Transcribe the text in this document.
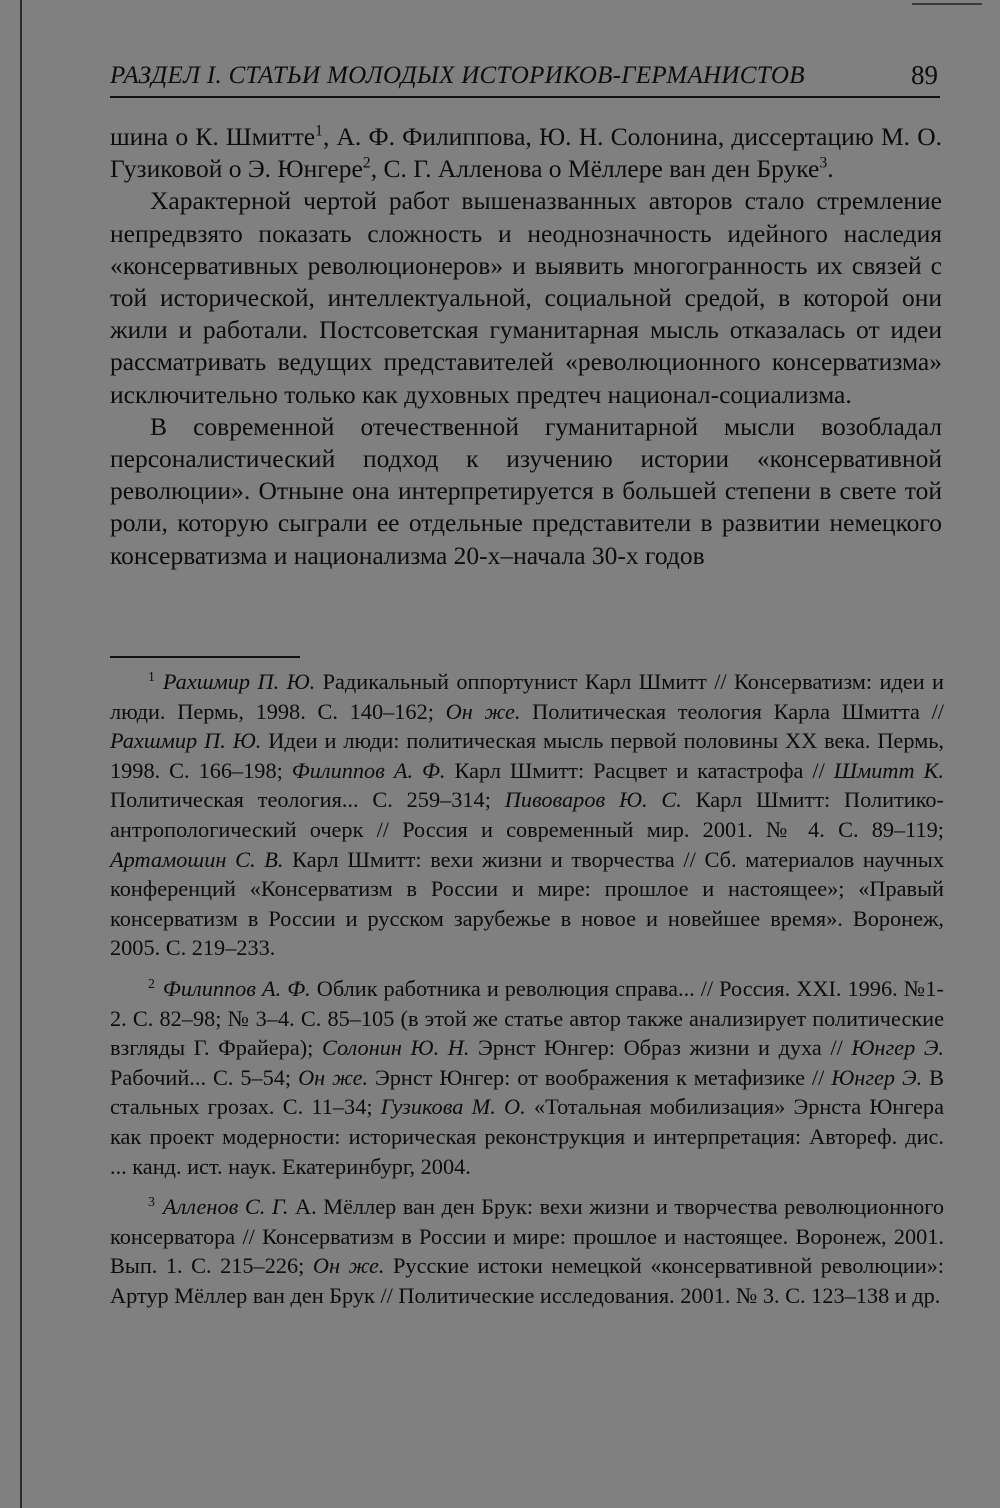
РАЗДЕЛ I. СТАТЬИ МОЛОДЫХ ИСТОРИКОВ-ГЕРМАНИСТОВ	89

шина о К. Шмитте$^1$, А. Ф. Филиппова, Ю. Н. Солонина, диссертацию М. О. Гузиковой о Э. Юнгере$^2$, С. Г. Алленова о Мёллере ван ден Бруке$^3$.

Характерной чертой работ вышеназванных авторов стало стремление непредвзято показать сложность и неоднозначность идейного наследия «консервативных революционеров» и выявить многогранность их связей с той исторической, интеллектуальной, социальной средой, в которой они жили и работали. Постсоветская гуманитарная мысль отказалась от идеи рассматривать ведущих представителей «революционного консерватизма» исключительно только как духовных предтеч национал-социализма.

В современной отечественной гуманитарной мысли возобладал персоналистический подход к изучению истории «консервативной революции». Отныне она интерпретируется в большей степени в свете той роли, которую сыграли ее отдельные представители в развитии немецкого консерватизма и национализма 20-х–начала 30-х годов

$^1$ Рахшмир П. Ю. Радикальный оппортунист Карл Шмитт // Консерватизм: идеи и люди. Пермь, 1998. С. 140–162; Он же. Политическая теология Карла Шмитта // Рахшмир П. Ю. Идеи и люди: политическая мысль первой половины XX века. Пермь, 1998. С. 166–198; Филиппов А. Ф. Карл Шмитт: Расцвет и катастрофа // Шмитт К. Политическая теология... С. 259–314; Пивоваров Ю. С. Карл Шмитт: Политико-антропологический очерк // Россия и современный мир. 2001. № 4. С. 89–119; Артамошин С. В. Карл Шмитт: вехи жизни и творчества // Сб. материалов научных конференций «Консерватизм в России и мире: прошлое и настоящее»; «Правый консерватизм в России и русском зарубежье в новое и новейшее время». Воронеж, 2005. С. 219–233.

$^2$ Филиппов А. Ф. Облик работника и революция справа... // Россия. XXI. 1996. №1-2. С. 82–98; № 3–4. С. 85–105 (в этой же статье автор также анализирует политические взгляды Г. Фрайера); Солонин Ю. Н. Эрнст Юнгер: Образ жизни и духа // Юнгер Э. Рабочий... С. 5–54; Он же. Эрнст Юнгер: от воображения к метафизике // Юнгер Э. В стальных грозах. С. 11–34; Гузикова М. О. «Тотальная мобилизация» Эрнста Юнгера как проект модерности: историческая реконструкция и интерпретация: Автореф. дис. ... канд. ист. наук. Екатеринбург, 2004.

$^3$ Алленов С. Г. А. Мёллер ван ден Брук: вехи жизни и творчества революционного консерватора // Консерватизм в России и мире: прошлое и настоящее. Воронеж, 2001. Вып. 1. С. 215–226; Он же. Русские истоки немецкой «консервативной революции»: Артур Мёллер ван ден Брук // Политические исследования. 2001. № 3. С. 123–138 и др.
